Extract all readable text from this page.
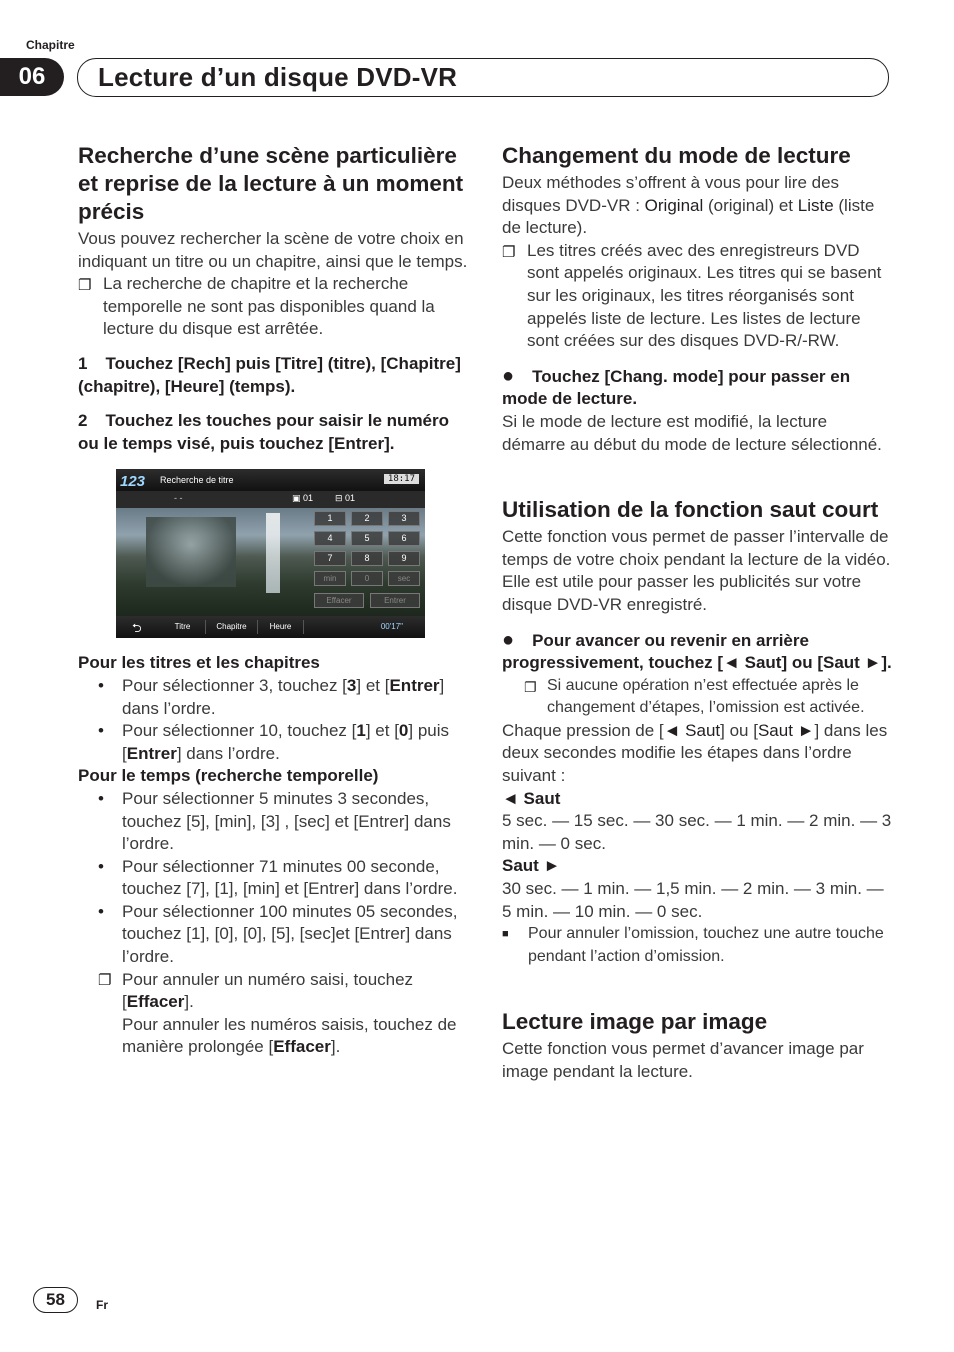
Chapitre
06	Lecture d’un disque DVD-VR
Recherche d’une scène particulière et reprise de la lecture à un moment précis
Vous pouvez rechercher la scène de votre choix en indiquant un titre ou un chapitre, ainsi que le temps.
❐ La recherche de chapitre et la recherche temporelle ne sont pas disponibles quand la lecture du disque est arrêtée.
1 Touchez [Rech] puis [Titre] (titre), [Chapitre] (chapitre), [Heure] (temps).
2 Touchez les touches pour saisir le numéro ou le temps visé, puis touchez [Entrer].
123 Recherche de titre	18:17
- -	▣ 01 ⊟ 01
1	2	3
4	5	6
7	8	9
min	0	sec
Effacer	Entrer
⮌	Titre	Chapitre	Heure	00'17"
Pour les titres et les chapitres
• Pour sélectionner 3, touchez [3] et [Entrer] dans l’ordre.
• Pour sélectionner 10, touchez [1] et [0] puis [Entrer] dans l’ordre.
Pour le temps (recherche temporelle)
• Pour sélectionner 5 minutes 3 secondes, touchez [5], [min], [3] , [sec] et [Entrer] dans l’ordre.
• Pour sélectionner 71 minutes 00 seconde, touchez [7], [1], [min] et [Entrer] dans l’ordre.
• Pour sélectionner 100 minutes 05 secondes, touchez [1], [0], [0], [5], [sec]et [Entrer] dans l’ordre.
❐ Pour annuler un numéro saisi, touchez [Effacer].
Pour annuler les numéros saisis, touchez de manière prolongée [Effacer].
Changement du mode de lecture
Deux méthodes s’offrent à vous pour lire des disques DVD-VR : Original (original) et Liste (liste de lecture).
❐ Les titres créés avec des enregistreurs DVD sont appelés originaux. Les titres qui se basent sur les originaux, les titres réorganisés sont appelés liste de lecture. Les listes de lecture sont créées sur des disques DVD-R/-RW.
● Touchez [Chang. mode] pour passer en mode de lecture.
Si le mode de lecture est modifié, la lecture démarre au début du mode de lecture sélectionné.
Utilisation de la fonction saut court
Cette fonction vous permet de passer l’intervalle de temps de votre choix pendant la lecture de la vidéo. Elle est utile pour passer les publicités sur votre disque DVD-VR enregistré.
● Pour avancer ou revenir en arrière progressivement, touchez [◄ Saut] ou [Saut ►].
❐ Si aucune opération n’est effectuée après le changement d’étapes, l’omission est activée.
Chaque pression de [◄ Saut] ou [Saut ►] dans les deux secondes modifie les étapes dans l’ordre suivant :
◄ Saut
5 sec. — 15 sec. — 30 sec. — 1 min. — 2 min. — 3 min. — 0 sec.
Saut ►
30 sec. — 1 min. — 1,5 min. — 2 min. — 3 min. — 5 min. — 10 min. — 0 sec.
■ Pour annuler l’omission, touchez une autre touche pendant l’action d’omission.
Lecture image par image
Cette fonction vous permet d’avancer image par image pendant la lecture.
58	Fr
